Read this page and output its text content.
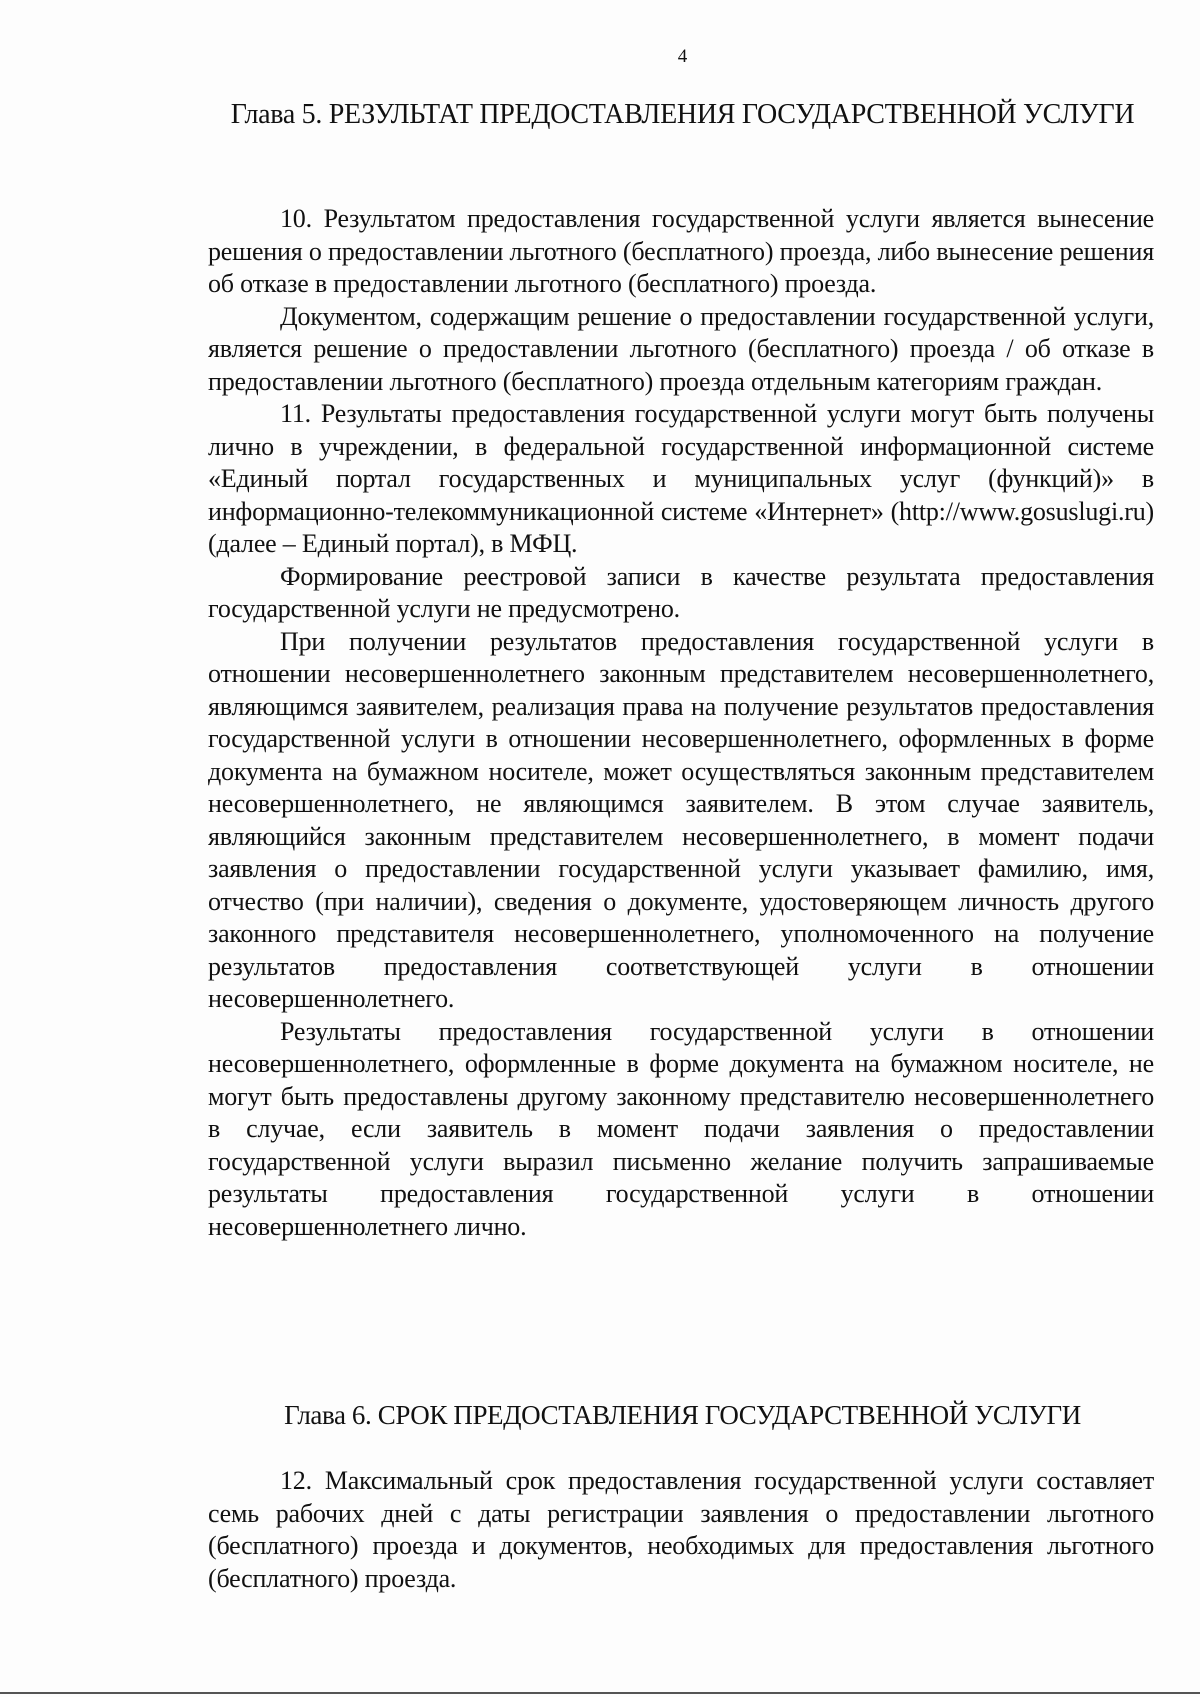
4
Глава 5. РЕЗУЛЬТАТ ПРЕДОСТАВЛЕНИЯ ГОСУДАРСТВЕННОЙ УСЛУГИ

10. Результатом предоставления государственной услуги является вынесение решения о предоставлении льготного (бесплатного) проезда, либо вынесение решения об отказе в предоставлении льготного (бесплатного) проезда.

Документом, содержащим решение о предоставлении государственной услуги, является решение о предоставлении льготного (бесплатного) проезда / об отказе в предоставлении льготного (бесплатного) проезда отдельным категориям граждан.

11. Результаты предоставления государственной услуги могут быть получены лично в учреждении, в федеральной государственной информационной системе «Единый портал государственных и муниципальных услуг (функций)» в информационно-телекоммуникационной системе «Интернет» (http://www.gosuslugi.ru) (далее – Единый портал), в МФЦ.

Формирование реестровой записи в качестве результата предоставления государственной услуги не предусмотрено.

При получении результатов предоставления государственной услуги в отношении несовершеннолетнего законным представителем несовершеннолетнего, являющимся заявителем, реализация права на получение результатов предоставления государственной услуги в отношении несовершеннолетнего, оформленных в форме документа на бумажном носителе, может осуществляться законным представителем несовершеннолетнего, не являющимся заявителем. В этом случае заявитель, являющийся законным представителем несовершеннолетнего, в момент подачи заявления о предоставлении государственной услуги указывает фамилию, имя, отчество (при наличии), сведения о документе, удостоверяющем личность другого законного представителя несовершеннолетнего, уполномоченного на получение результатов предоставления соответствующей услуги в отношении несовершеннолетнего.

Результаты предоставления государственной услуги в отношении несовершеннолетнего, оформленные в форме документа на бумажном носителе, не могут быть предоставлены другому законному представителю несовершеннолетнего в случае, если заявитель в момент подачи заявления о предоставлении государственной услуги выразил письменно желание получить запрашиваемые результаты предоставления государственной услуги в отношении несовершеннолетнего лично.

Глава 6. СРОК ПРЕДОСТАВЛЕНИЯ ГОСУДАРСТВЕННОЙ УСЛУГИ

12. Максимальный срок предоставления государственной услуги составляет семь рабочих дней с даты регистрации заявления о предоставлении льготного (бесплатного) проезда и документов, необходимых для предоставления льготного (бесплатного) проезда.
